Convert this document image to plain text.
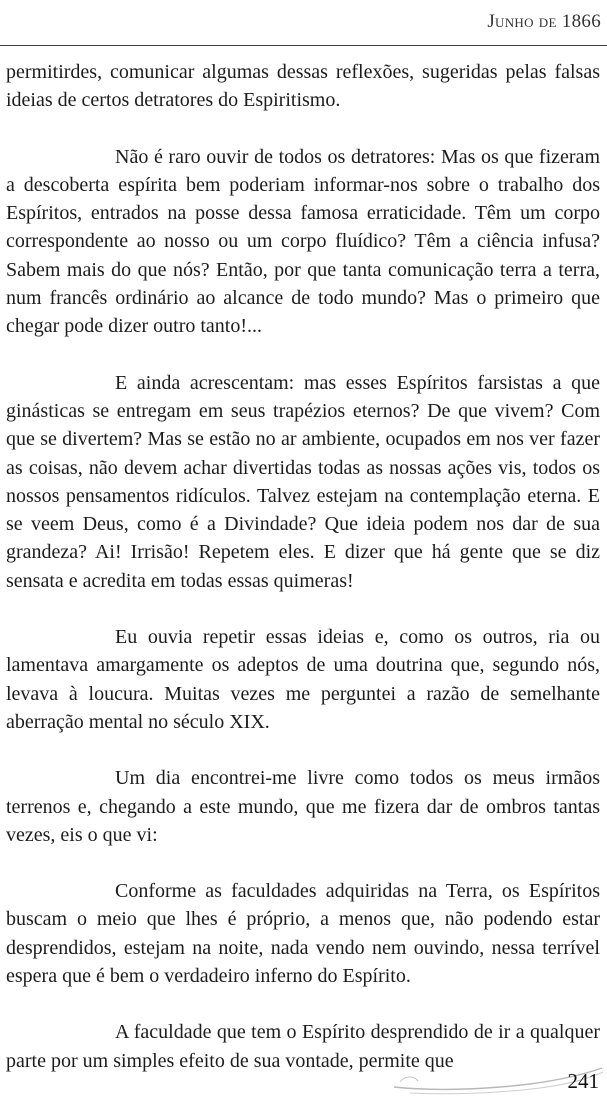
Junho de 1866

permitirdes, comunicar algumas dessas reflexões, sugeridas pelas falsas ideias de certos detratores do Espiritismo.

Não é raro ouvir de todos os detratores: Mas os que fizeram a descoberta espírita bem poderiam informar-nos sobre o trabalho dos Espíritos, entrados na posse dessa famosa erraticidade. Têm um corpo correspondente ao nosso ou um corpo fluídico? Têm a ciência infusa? Sabem mais do que nós? Então, por que tanta comunicação terra a terra, num francês ordinário ao alcance de todo mundo? Mas o primeiro que chegar pode dizer outro tanto!...

E ainda acrescentam: mas esses Espíritos farsistas a que ginásticas se entregam em seus trapézios eternos? De que vivem? Com que se divertem? Mas se estão no ar ambiente, ocupados em nos ver fazer as coisas, não devem achar divertidas todas as nossas ações vis, todos os nossos pensamentos ridículos. Talvez estejam na contemplação eterna. E se veem Deus, como é a Divindade? Que ideia podem nos dar de sua grandeza? Ai! Irrisão! Repetem eles. E dizer que há gente que se diz sensata e acredita em todas essas quimeras!

Eu ouvia repetir essas ideias e, como os outros, ria ou lamentava amargamente os adeptos de uma doutrina que, segundo nós, levava à loucura. Muitas vezes me perguntei a razão de semelhante aberração mental no século XIX.

Um dia encontrei-me livre como todos os meus irmãos terrenos e, chegando a este mundo, que me fizera dar de ombros tantas vezes, eis o que vi:

Conforme as faculdades adquiridas na Terra, os Espíritos buscam o meio que lhes é próprio, a menos que, não podendo estar desprendidos, estejam na noite, nada vendo nem ouvindo, nessa terrível espera que é bem o verdadeiro inferno do Espírito.

A faculdade que tem o Espírito desprendido de ir a qualquer parte por um simples efeito de sua vontade, permite que

241
